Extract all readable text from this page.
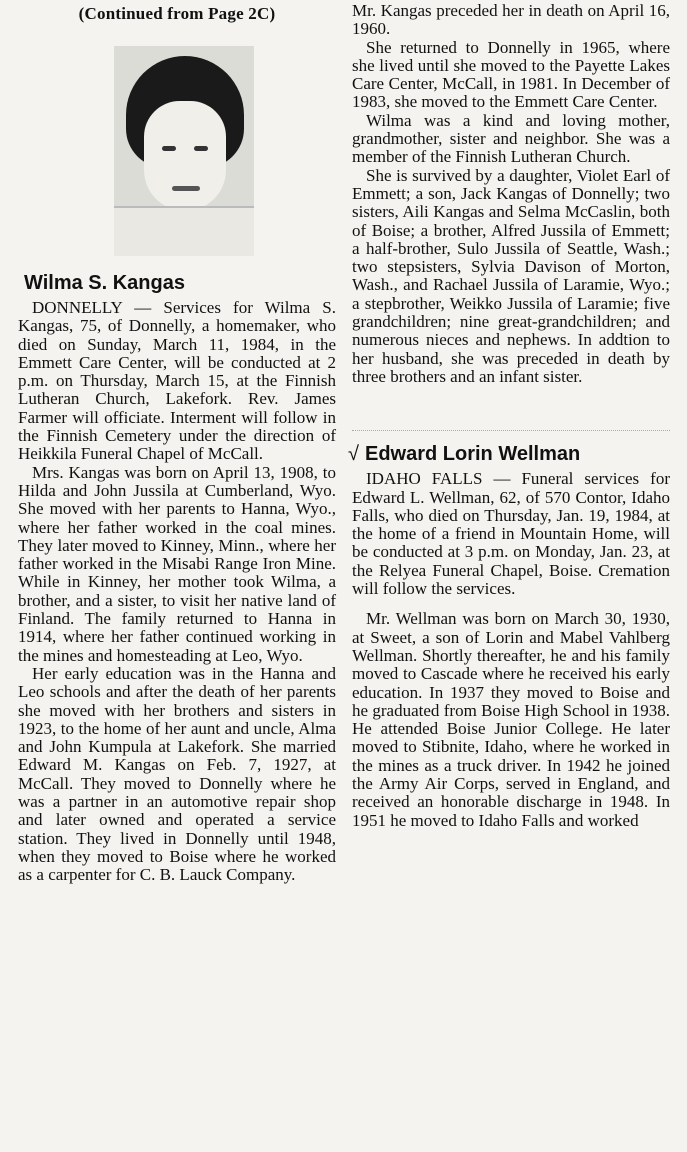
(Continued from Page 2C)
Wilma S. Kangas

DONNELLY — Services for Wilma S. Kangas, 75, of Donnelly, a homemaker, who died on Sunday, March 11, 1984, in the Emmett Care Center, will be conducted at 2 p.m. on Thursday, March 15, at the Finnish Lutheran Church, Lakefork. Rev. James Farmer will officiate. Interment will follow in the Finnish Cemetery under the direction of Heikkila Funeral Chapel of McCall.

Mrs. Kangas was born on April 13, 1908, to Hilda and John Jussila at Cumberland, Wyo. She moved with her parents to Hanna, Wyo., where her father worked in the coal mines. They later moved to Kinney, Minn., where her father worked in the Misabi Range Iron Mine. While in Kinney, her mother took Wilma, a brother, and a sister, to visit her native land of Finland. The family returned to Hanna in 1914, where her father continued working in the mines and homesteading at Leo, Wyo.

Her early education was in the Hanna and Leo schools and after the death of her parents she moved with her brothers and sisters in 1923, to the home of her aunt and uncle, Alma and John Kumpula at Lakefork. She married Edward M. Kangas on Feb. 7, 1927, at McCall. They moved to Donnelly where he was a partner in an automotive repair shop and later owned and operated a service station. They lived in Donnelly until 1948, when they moved to Boise where he worked as a carpenter for C. B. Lauck Company.

Mr. Kangas preceded her in death on April 16, 1960.

She returned to Donnelly in 1965, where she lived until she moved to the Payette Lakes Care Center, McCall, in 1981. In December of 1983, she moved to the Emmett Care Center.

Wilma was a kind and loving mother, grandmother, sister and neighbor. She was a member of the Finnish Lutheran Church.

She is survived by a daughter, Violet Earl of Emmett; a son, Jack Kangas of Donnelly; two sisters, Aili Kangas and Selma McCaslin, both of Boise; a brother, Alfred Jussila of Emmett; a half-brother, Sulo Jussila of Seattle, Wash.; two stepsisters, Sylvia Davison of Morton, Wash., and Rachael Jussila of Laramie, Wyo.; a stepbrother, Weikko Jussila of Laramie; five grandchildren; nine great-grandchildren; and numerous nieces and nephews. In addtion to her husband, she was preceded in death by three brothers and an infant sister.

√ Edward Lorin Wellman

IDAHO FALLS — Funeral services for Edward L. Wellman, 62, of 570 Contor, Idaho Falls, who died on Thursday, Jan. 19, 1984, at the home of a friend in Mountain Home, will be conducted at 3 p.m. on Monday, Jan. 23, at the Relyea Funeral Chapel, Boise. Cremation will follow the services.

Mr. Wellman was born on March 30, 1930, at Sweet, a son of Lorin and Mabel Vahlberg Wellman. Shortly thereafter, he and his family moved to Cascade where he received his early education. In 1937 they moved to Boise and he graduated from Boise High School in 1938. He attended Boise Junior College. He later moved to Stibnite, Idaho, where he worked in the mines as a truck driver. In 1942 he joined the Army Air Corps, served in England, and received an honorable discharge in 1948. In 1951 he moved to Idaho Falls and worked
